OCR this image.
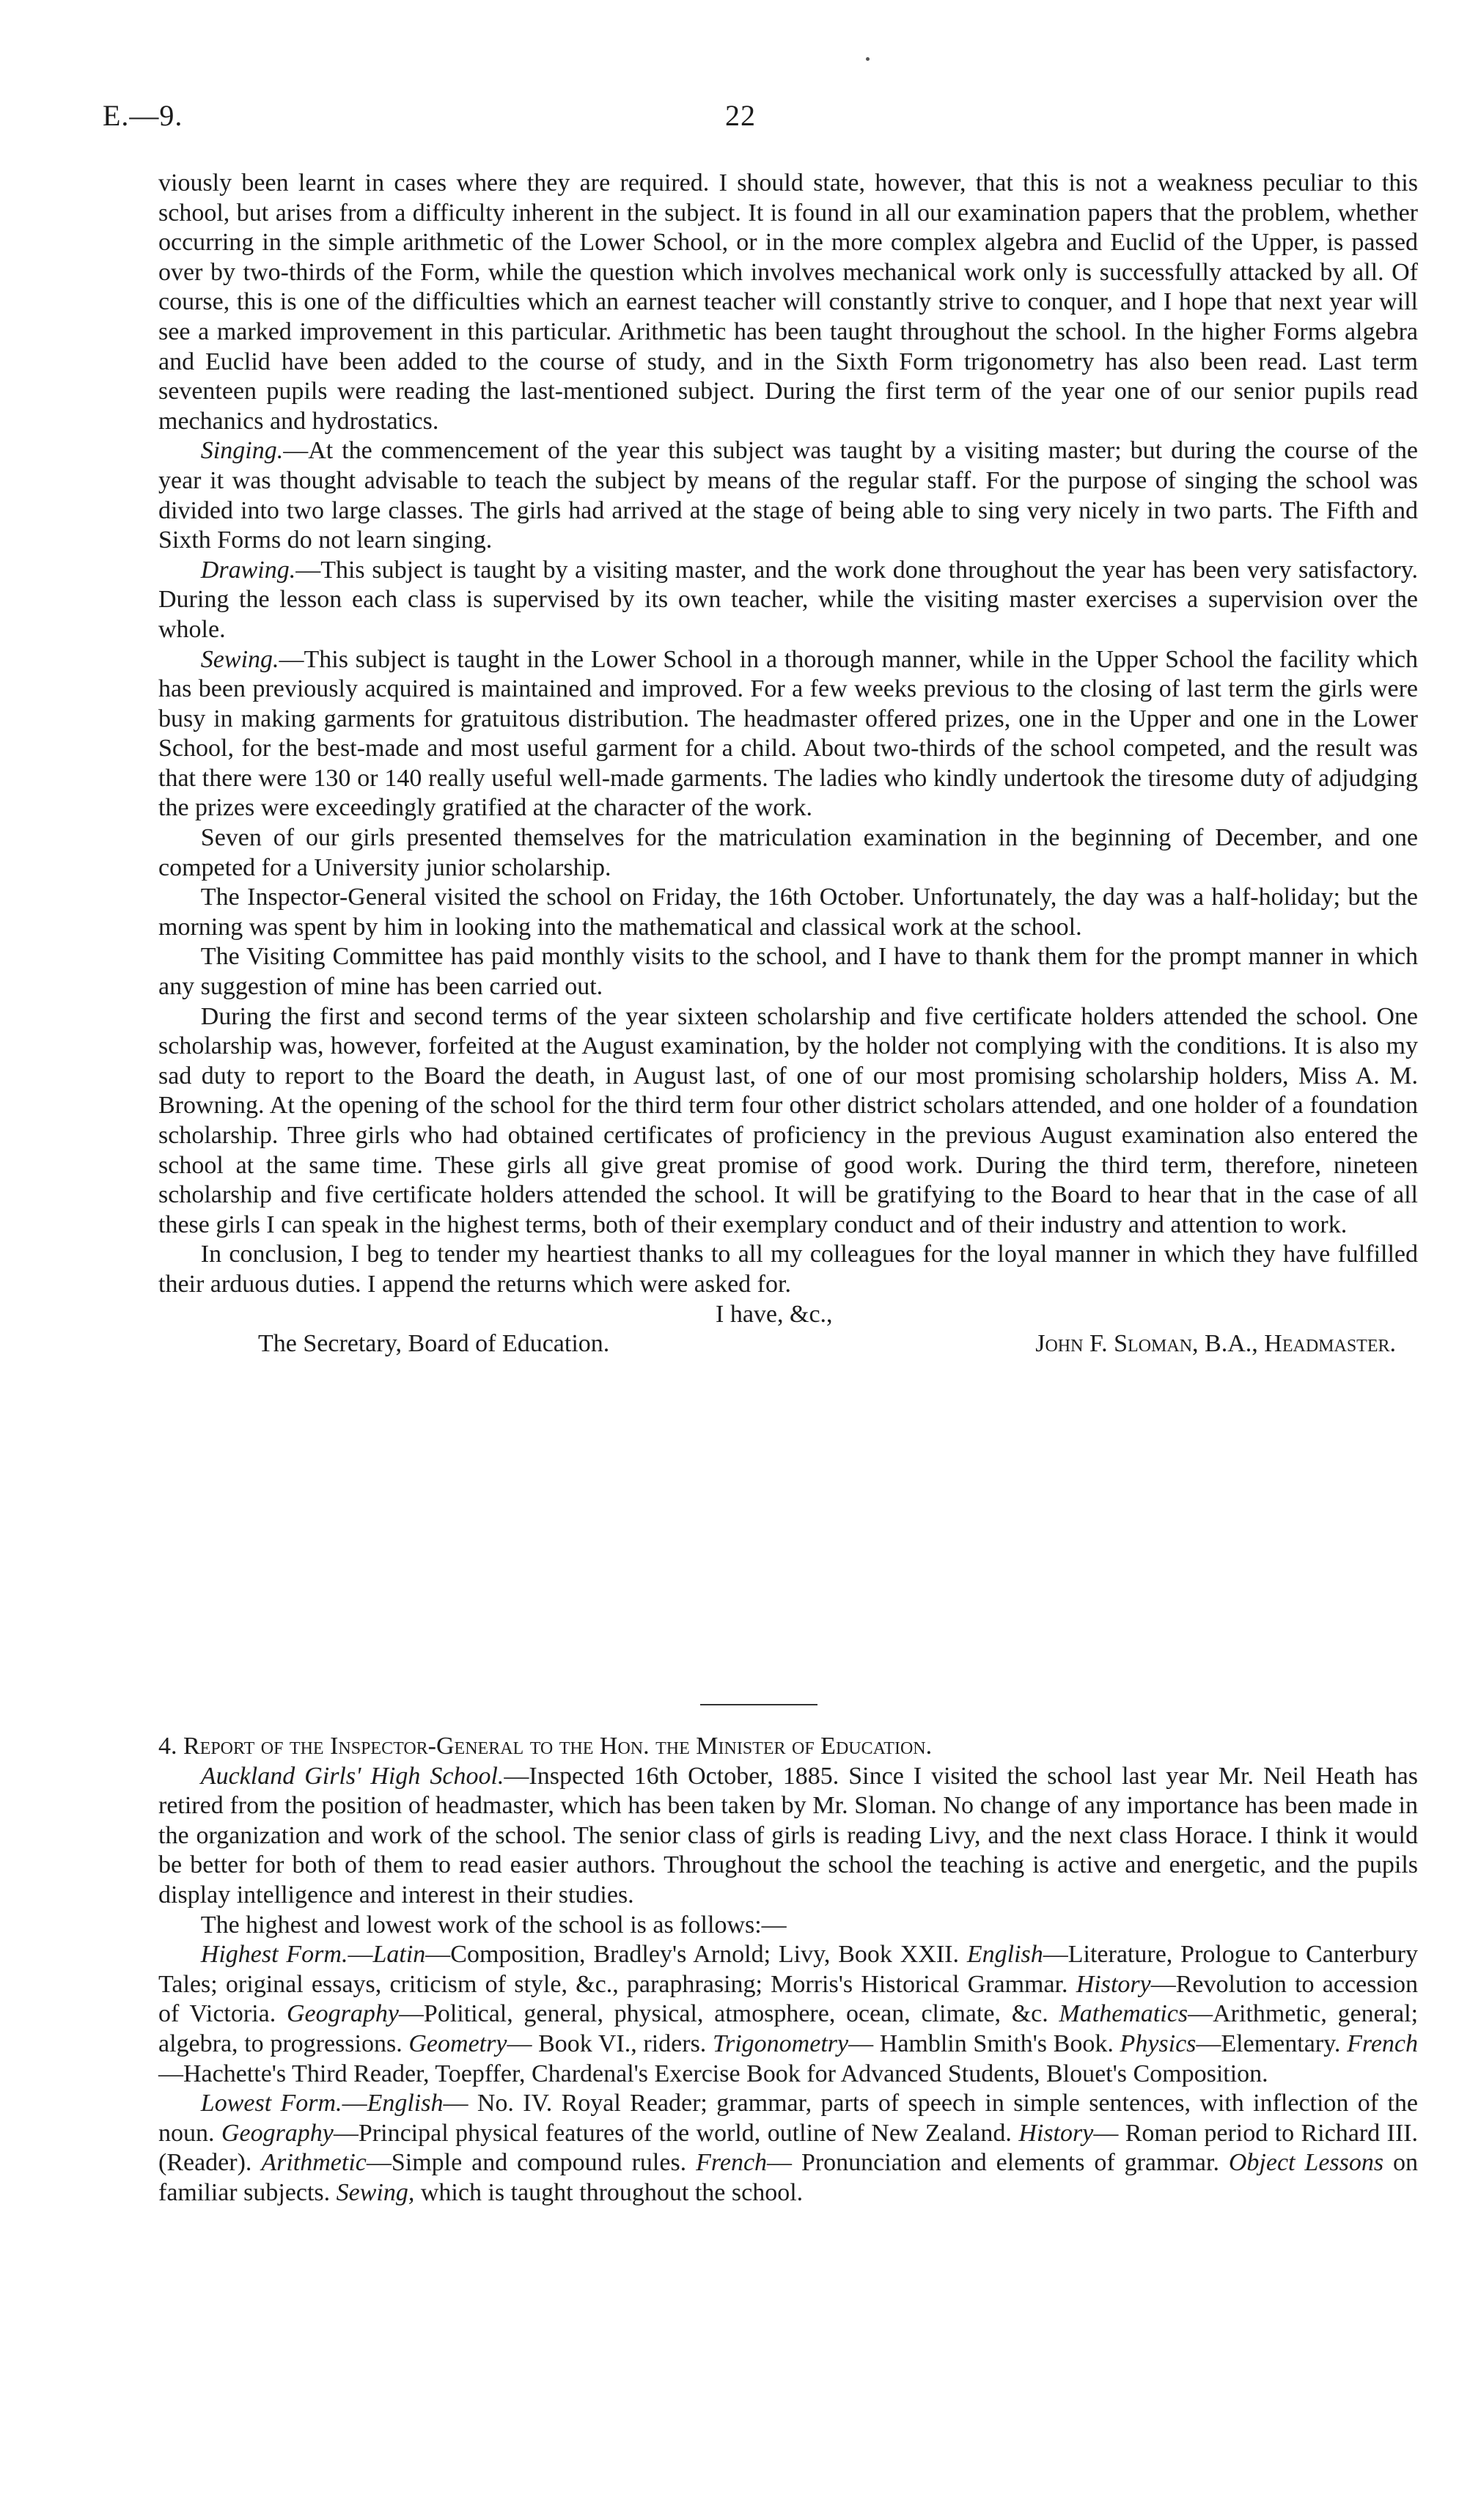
E.—9.	22

viously been learnt in cases where they are required. I should state, however, that this is not a weakness peculiar to this school, but arises from a difficulty inherent in the subject. It is found in all our examination papers that the problem, whether occurring in the simple arithmetic of the Lower School, or in the more complex algebra and Euclid of the Upper, is passed over by two-thirds of the Form, while the question which involves mechanical work only is successfully attacked by all. Of course, this is one of the difficulties which an earnest teacher will constantly strive to conquer, and I hope that next year will see a marked improvement in this particular. Arithmetic has been taught throughout the school. In the higher Forms algebra and Euclid have been added to the course of study, and in the Sixth Form trigonometry has also been read. Last term seventeen pupils were reading the last-mentioned subject. During the first term of the year one of our senior pupils read mechanics and hydrostatics.

Singing.—At the commencement of the year this subject was taught by a visiting master; but during the course of the year it was thought advisable to teach the subject by means of the regular staff. For the purpose of singing the school was divided into two large classes. The girls had arrived at the stage of being able to sing very nicely in two parts. The Fifth and Sixth Forms do not learn singing.

Drawing.—This subject is taught by a visiting master, and the work done throughout the year has been very satisfactory. During the lesson each class is supervised by its own teacher, while the visiting master exercises a supervision over the whole.

Sewing.—This subject is taught in the Lower School in a thorough manner, while in the Upper School the facility which has been previously acquired is maintained and improved. For a few weeks previous to the closing of last term the girls were busy in making garments for gratuitous distribution. The headmaster offered prizes, one in the Upper and one in the Lower School, for the best-made and most useful garment for a child. About two-thirds of the school competed, and the result was that there were 130 or 140 really useful well-made garments. The ladies who kindly undertook the tiresome duty of adjudging the prizes were exceedingly gratified at the character of the work.

Seven of our girls presented themselves for the matriculation examination in the beginning of December, and one competed for a University junior scholarship.

The Inspector-General visited the school on Friday, the 16th October. Unfortunately, the day was a half-holiday; but the morning was spent by him in looking into the mathematical and classical work at the school.

The Visiting Committee has paid monthly visits to the school, and I have to thank them for the prompt manner in which any suggestion of mine has been carried out.

During the first and second terms of the year sixteen scholarship and five certificate holders attended the school. One scholarship was, however, forfeited at the August examination, by the holder not complying with the conditions. It is also my sad duty to report to the Board the death, in August last, of one of our most promising scholarship holders, Miss A. M. Browning. At the opening of the school for the third term four other district scholars attended, and one holder of a foundation scholarship. Three girls who had obtained certificates of proficiency in the previous August examination also entered the school at the same time. These girls all give great promise of good work. During the third term, therefore, nineteen scholarship and five certificate holders attended the school. It will be gratifying to the Board to hear that in the case of all these girls I can speak in the highest terms, both of their exemplary conduct and of their industry and attention to work.

In conclusion, I beg to tender my heartiest thanks to all my colleagues for the loyal manner in which they have fulfilled their arduous duties. I append the returns which were asked for.

I have, &c.,

The Secretary, Board of Education.	John F. Sloman, B.A., Headmaster.

4. Report of the Inspector-General to the Hon. the Minister of Education.

Auckland Girls' High School.—Inspected 16th October, 1885. Since I visited the school last year Mr. Neil Heath has retired from the position of headmaster, which has been taken by Mr. Sloman. No change of any importance has been made in the organization and work of the school. The senior class of girls is reading Livy, and the next class Horace. I think it would be better for both of them to read easier authors. Throughout the school the teaching is active and energetic, and the pupils display intelligence and interest in their studies.

The highest and lowest work of the school is as follows:—

Highest Form.—Latin—Composition, Bradley's Arnold; Livy, Book XXII. English—Literature, Prologue to Canterbury Tales; original essays, criticism of style, &c., paraphrasing; Morris's Historical Grammar. History—Revolution to accession of Victoria. Geography—Political, general, physical, atmosphere, ocean, climate, &c. Mathematics—Arithmetic, general; algebra, to progressions. Geometry— Book VI., riders. Trigonometry— Hamblin Smith's Book. Physics—Elementary. French—Hachette's Third Reader, Toepffer, Chardenal's Exercise Book for Advanced Students, Blouet's Composition.

Lowest Form.—English— No. IV. Royal Reader; grammar, parts of speech in simple sentences, with inflection of the noun. Geography—Principal physical features of the world, outline of New Zealand. History— Roman period to Richard III. (Reader). Arithmetic—Simple and compound rules. French— Pronunciation and elements of grammar. Object Lessons on familiar subjects. Sewing, which is taught throughout the school.
